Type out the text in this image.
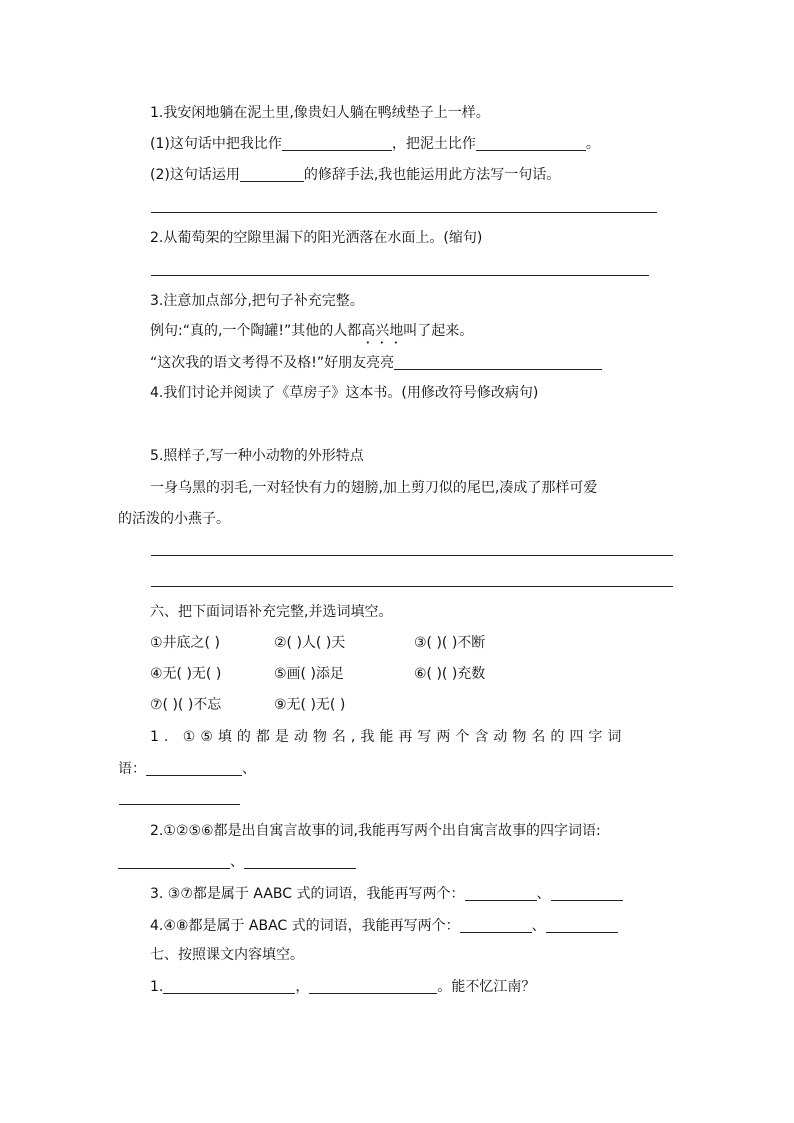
1.我安闲地躺在泥土里,像贵妇人躺在鸭绒垫子上一样。
(1)这句话中把我比作	，把泥土比作	。
(2)这句话运用	的修辞手法,我也能运用此方法写一句话。
2.从葡萄架的空隙里漏下的阳光洒落在水面上。(缩句)
3.注意加点部分,把句子补充完整。
例句:“真的,一个陶罐!”其他的人都高兴地叫了起来。
“这次我的语文考得不及格!”好朋友亮亮
4.我们讨论并阅读了《草房子》这本书。(用修改符号修改病句)
5.照样子,写一种小动物的外形特点
一身乌黑的羽毛,一对轻快有力的翅膀,加上剪刀似的尾巴,凑成了那样可爱
的活泼的小燕子。
六、把下面词语补充完整,并选词填空。
①井底之( )	②( )人( )天	③( )( )不断
④无( )无( )	⑤画( )添足	⑥( )( )充数
⑦( )( )不忘	⑨无( )无( )
1. ①⑤填的都是动物名,我能再写两个含动物名的四字词
语：	、
2.①②⑤⑥都是出自寓言故事的词,我能再写两个出自寓言故事的四字词语:
、
3. ③⑦都是属于 AABC 式的词语，我能再写两个：	、
4.④⑧都是属于 ABAC 式的词语，我能再写两个：	、
七、按照课文内容填空。
1.	，	。能不忆江南？
